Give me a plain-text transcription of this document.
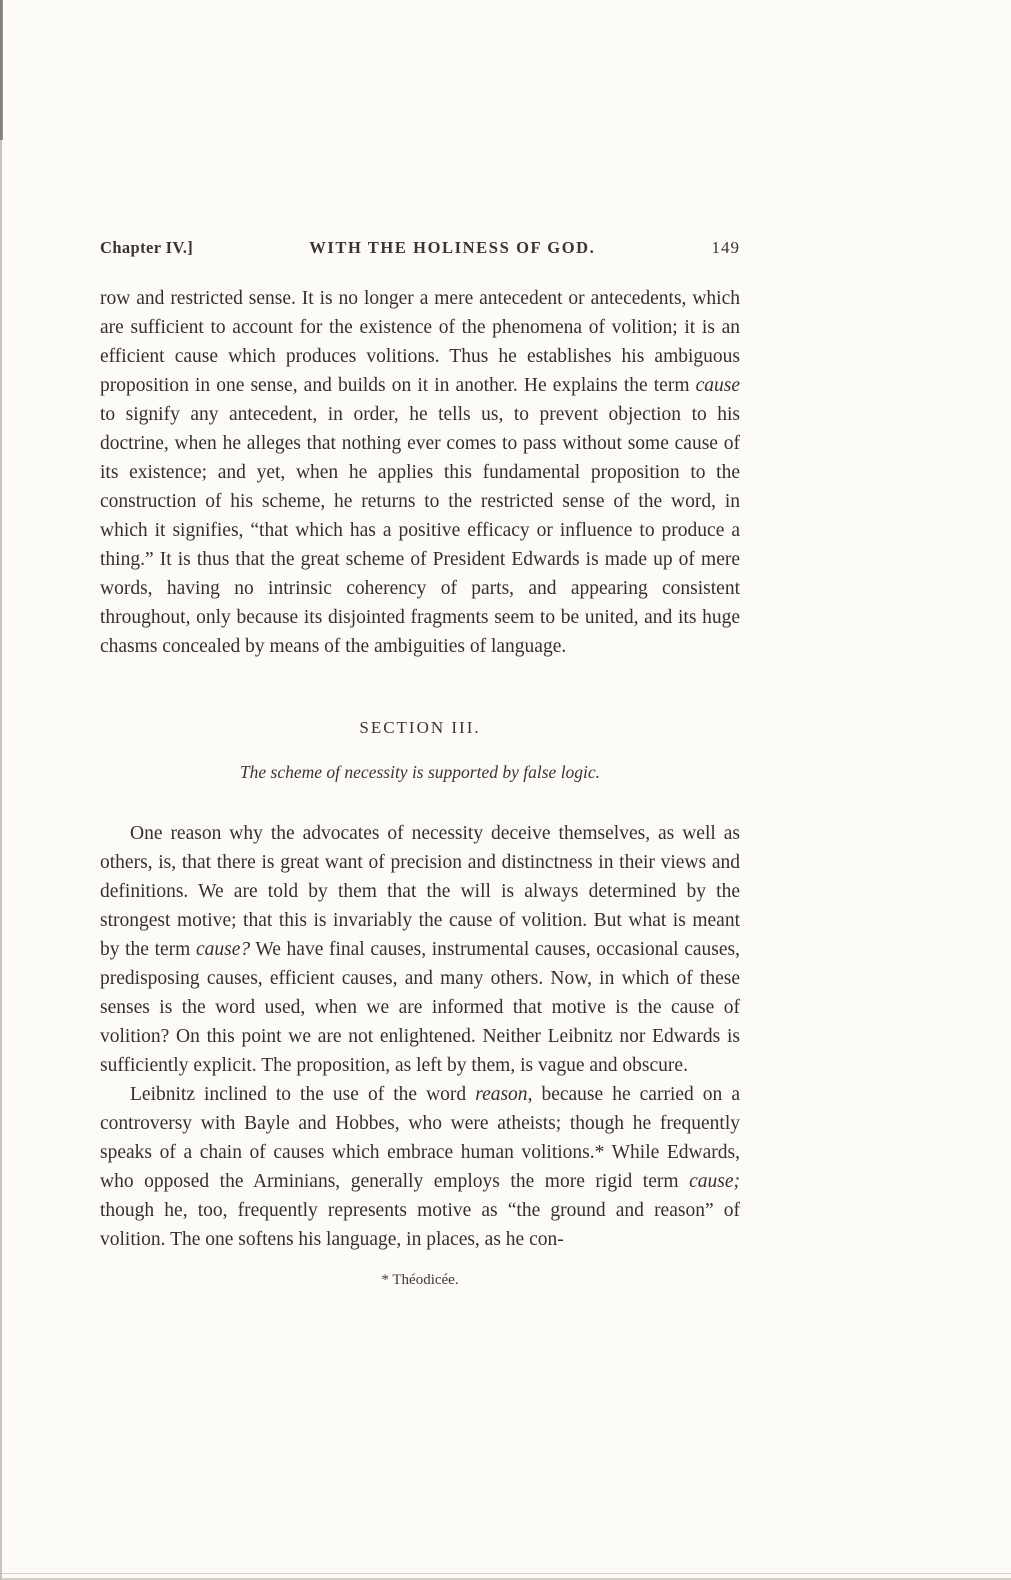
Chapter IV.]	WITH THE HOLINESS OF GOD.	149

row and restricted sense. It is no longer a mere antecedent or antecedents, which are sufficient to account for the existence of the phenomena of volition; it is an efficient cause which produces volitions. Thus he establishes his ambiguous proposition in one sense, and builds on it in another. He explains the term cause to signify any antecedent, in order, he tells us, to prevent objection to his doctrine, when he alleges that nothing ever comes to pass without some cause of its existence; and yet, when he applies this fundamental proposition to the construction of his scheme, he returns to the restricted sense of the word, in which it signifies, “that which has a positive efficacy or influence to produce a thing.” It is thus that the great scheme of President Edwards is made up of mere words, having no intrinsic coherency of parts, and appearing consistent throughout, only because its disjointed fragments seem to be united, and its huge chasms concealed by means of the ambiguities of language.

SECTION III.
The scheme of necessity is supported by false logic.

One reason why the advocates of necessity deceive themselves, as well as others, is, that there is great want of precision and distinctness in their views and definitions. We are told by them that the will is always determined by the strongest motive; that this is invariably the cause of volition. But what is meant by the term cause? We have final causes, instrumental causes, occasional causes, predisposing causes, efficient causes, and many others. Now, in which of these senses is the word used, when we are informed that motive is the cause of volition? On this point we are not enlightened. Neither Leibnitz nor Edwards is sufficiently explicit. The proposition, as left by them, is vague and obscure.

Leibnitz inclined to the use of the word reason, because he carried on a controversy with Bayle and Hobbes, who were atheists; though he frequently speaks of a chain of causes which embrace human volitions.* While Edwards, who opposed the Arminians, generally employs the more rigid term cause; though he, too, frequently represents motive as “the ground and reason” of volition. The one softens his language, in places, as he con-

* Théodicée.
